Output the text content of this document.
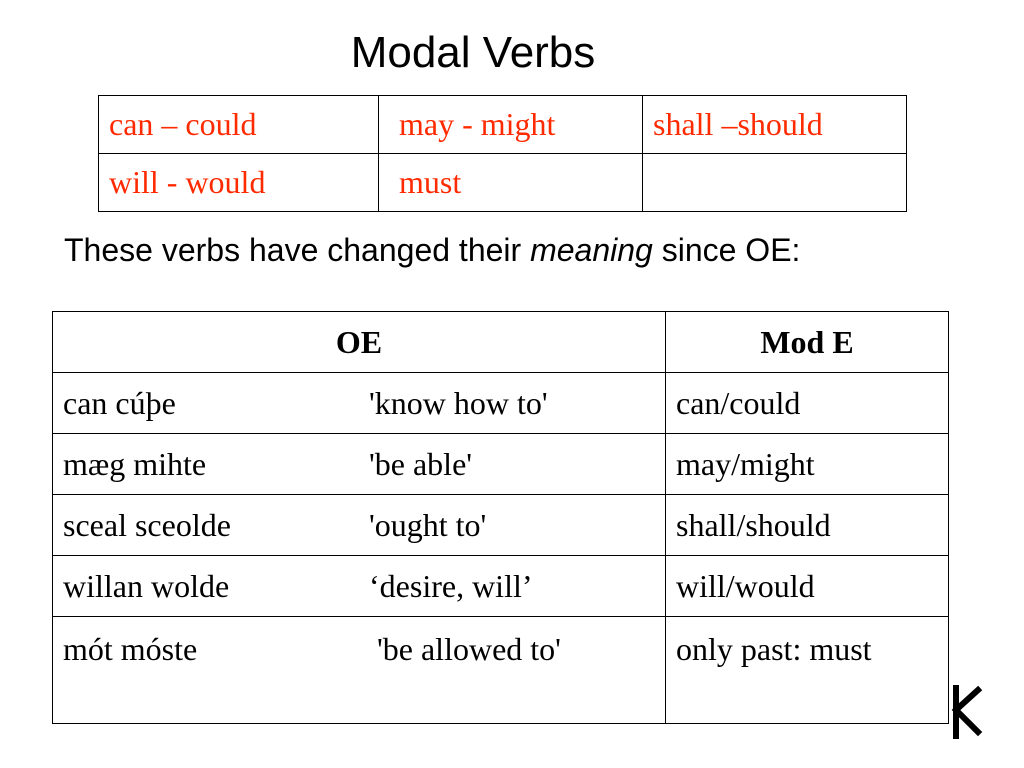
Modal Verbs
can – could	may - might	shall –should
will - would	must	
These verbs have changed their meaning since OE:
OE	Mod E
can cúþe 'know how to'	can/could
mæg mihte 'be able'	may/might
sceal sceolde 'ought to'	shall/should
willan wolde ‘desire, will’	will/would
mót móste 'be allowed to'	only past: must
